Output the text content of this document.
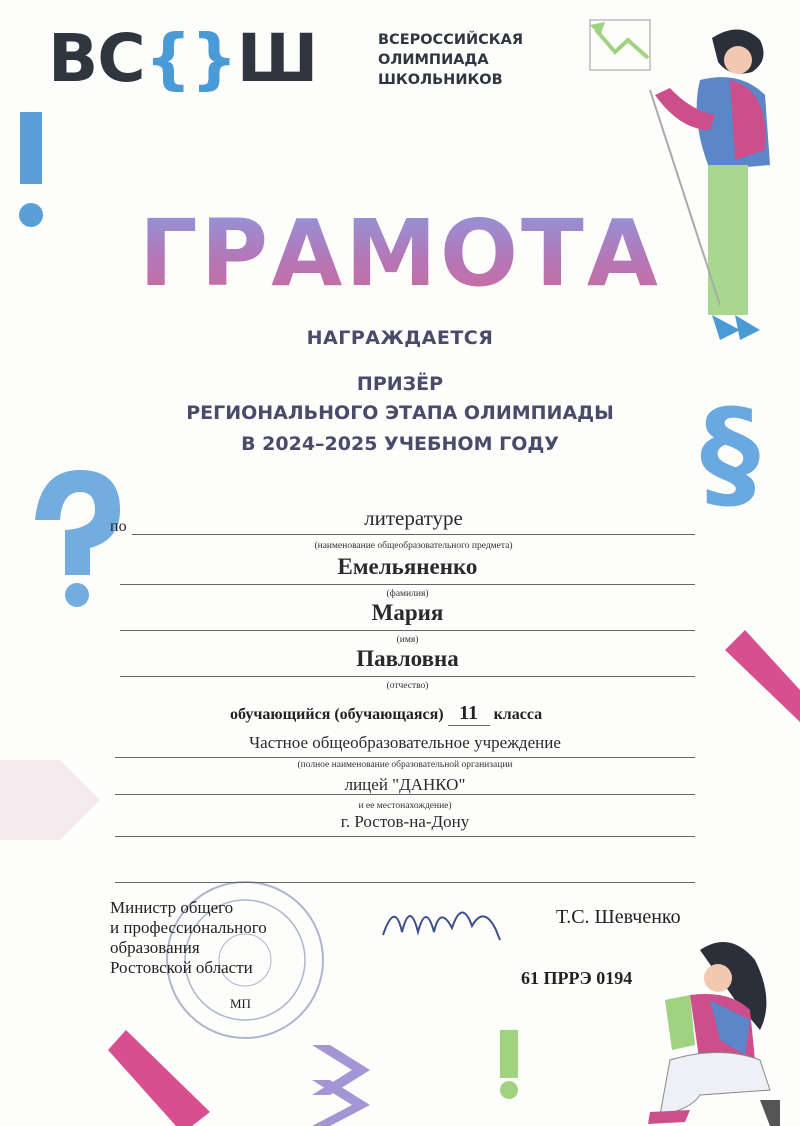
§
ВС{}Ш	ВСЕРОССИЙСКАЯ
ОЛИМПИАДА
ШКОЛЬНИКОВ
ГРАМОТА
НАГРАЖДАЕТСЯ
ПРИЗЁР
РЕГИОНАЛЬНОГО ЭТАПА ОЛИМПИАДЫ
В 2024–2025 УЧЕБНОМ ГОДУ
по	литературе
(наименование общеобразовательного предмета)
Емельяненко
(фамилия)
Мария
(имя)
Павловна
(отчество)
обучающийся (обучающаяся) 11 класса
Частное общеобразовательное учреждение
(полное наименование образовательной организации
лицей "ДАНКО"
и ее местонахождение)
г. Ростов-на-Дону
Министр общего
и профессионального
образования
Ростовской области
МП
Т.С. Шевченко
61 ПРРЭ 0194
